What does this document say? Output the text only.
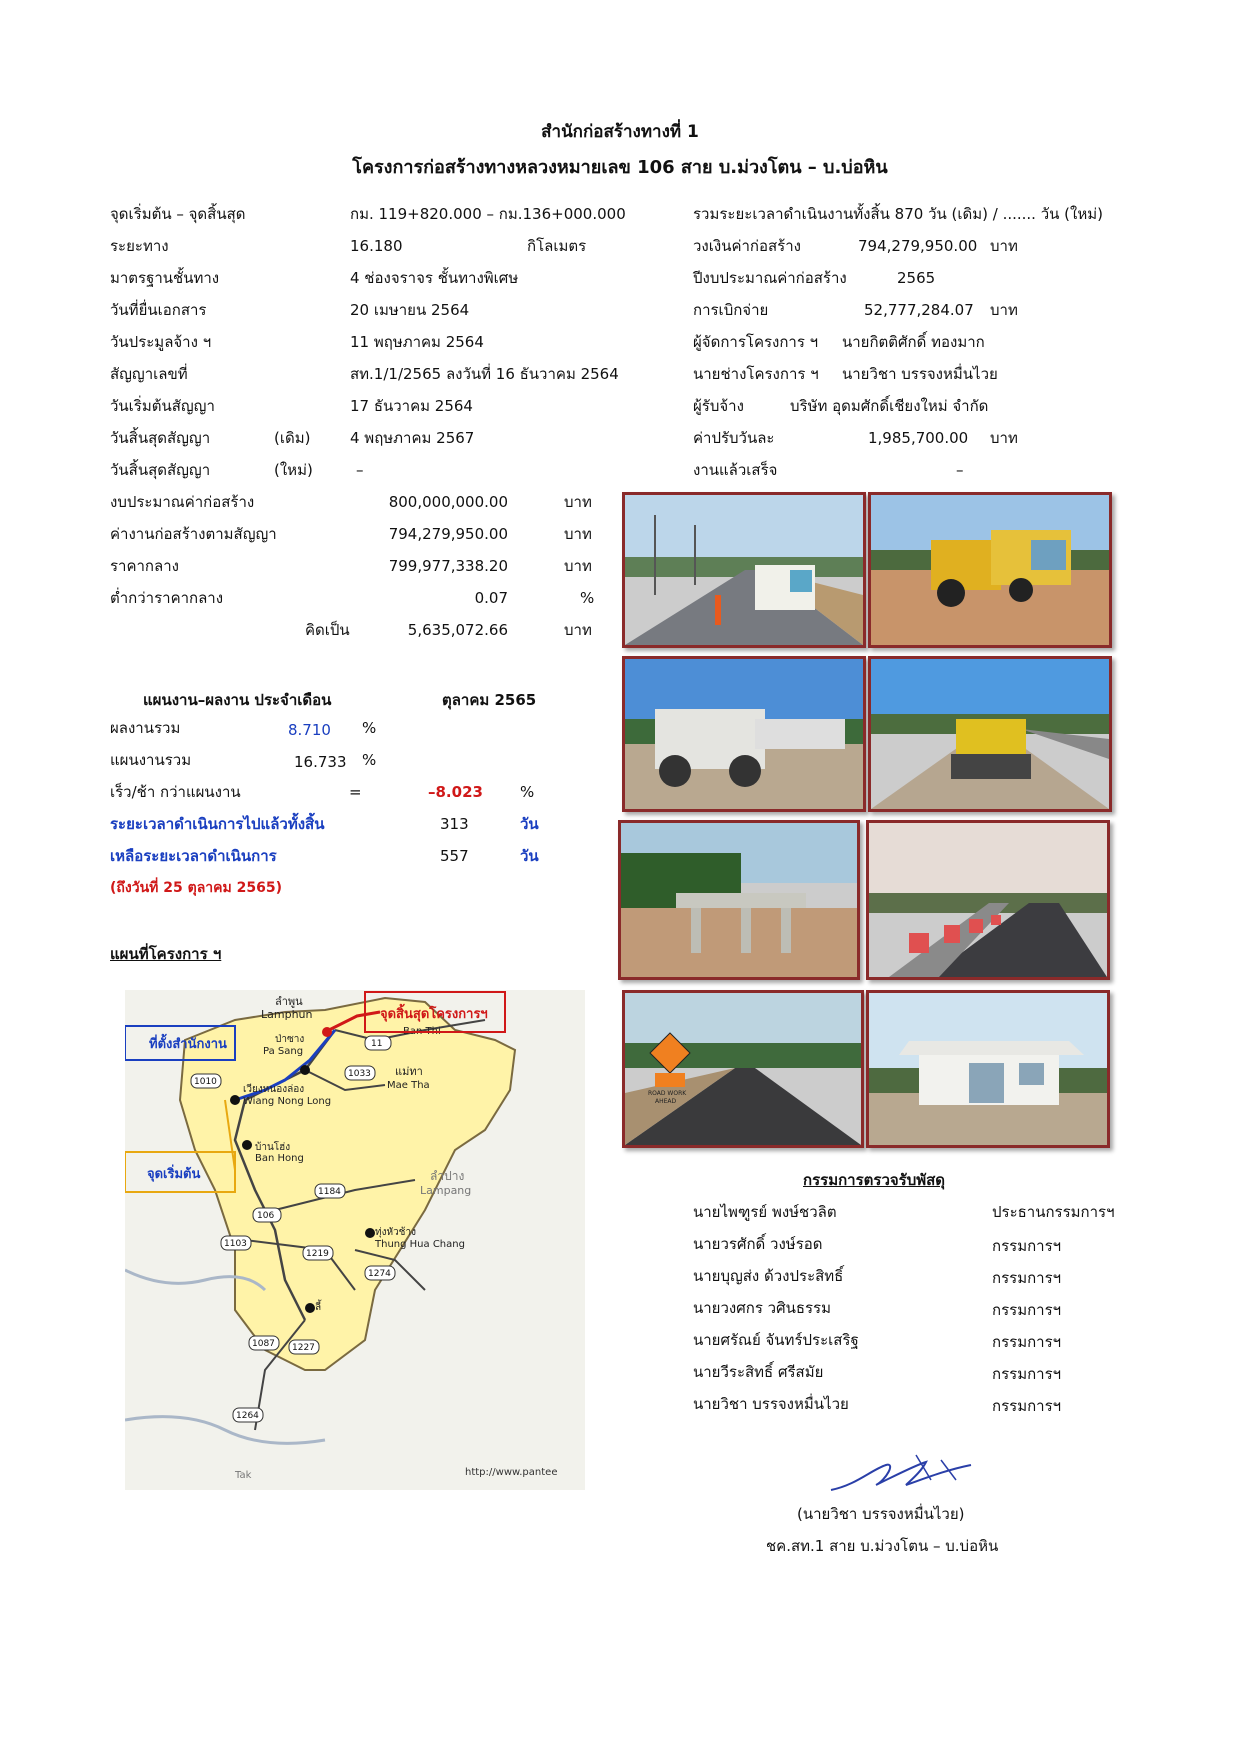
สำนักก่อสร้างทางที่ 1
โครงการก่อสร้างทางหลวงหมายเลข 106 สาย บ.ม่วงโตน – บ.บ่อหิน
จุดเริ่มต้น – จุดสิ้นสุด	กม. 119+820.000 – กม.136+000.000
ระยะทาง	16.180	กิโลเมตร
มาตรฐานชั้นทาง	4 ช่องจราจร ชั้นทางพิเศษ
วันที่ยื่นเอกสาร	20 เมษายน 2564
วันประมูลจ้าง ฯ	11 พฤษภาคม 2564
สัญญาเลขที่	สท.1/1/2565 ลงวันที่ 16 ธันวาคม 2564
วันเริ่มต้นสัญญา	17 ธันวาคม 2564
วันสิ้นสุดสัญญา	(เดิม)	4 พฤษภาคม 2567
วันสิ้นสุดสัญญา	(ใหม่)	–
รวมระยะเวลาดำเนินงานทั้งสิ้น 870 วัน (เดิม) / ....... วัน (ใหม่)
วงเงินค่าก่อสร้าง	794,279,950.00 บาท
ปีงบประมาณค่าก่อสร้าง	2565
การเบิกจ่าย	52,777,284.07 บาท
ผู้จัดการโครงการ ฯ นายกิตติศักดิ์ ทองมาก
นายช่างโครงการ ฯ นายวิชา บรรจงหมื่นไวย
ผู้รับจ้าง	บริษัท อุดมศักดิ์เชียงใหม่ จำกัด
ค่าปรับวันละ	1,985,700.00 บาท
งานแล้วเสร็จ	–
งบประมาณค่าก่อสร้าง	800,000,000.00	บาท
ค่างานก่อสร้างตามสัญญา	794,279,950.00	บาท
ราคากลาง	799,977,338.20	บาท
ต่ำกว่าราคากลาง	0.07	%
คิดเป็น	5,635,072.66	บาท
แผนงาน–ผลงาน ประจำเดือน	ตุลาคม 2565
ผลงานรวม	8.710 %
แผนงานรวม	16.733 %
เร็ว/ช้า กว่าแผนงาน	=	–8.023 %
ระยะเวลาดำเนินการไปแล้วทั้งสิ้น	313	วัน
เหลือระยะเวลาดำเนินการ	557	วัน
(ถึงวันที่ 25 ตุลาคม 2565)
แผนที่โครงการ ฯ
ลำพูน
Lamphun
Ban Thi
ป่าซาง
Pa Sang
แม่ทา
Mae Tha
เวียงหนองล่อง
Wiang Nong Long
บ้านโฮ่ง
Ban Hong
ลำปาง
Lampang
ทุ่งหัวช้าง
Thung Hua Chang
ลี้
Tak	http://www.pantee
11
106
1033
1010
1184
1103
1219
1274
1087 1227
1264
ที่ตั้งสำนักงาน
จุดเริ่มต้น
จุดสิ้นสุดโครงการฯ
ROAD WORK
AHEAD
กรรมการตรวจรับพัสดุ
นายไพฑูรย์ พงษ์ชวลิต	ประธานกรรมการฯ
นายวรศักดิ์ วงษ์รอด	กรรมการฯ
นายบุญส่ง ด้วงประสิทธิ์	กรรมการฯ
นายวงศกร วศินธรรม	กรรมการฯ
นายศรัณย์ จันทร์ประเสริฐ	กรรมการฯ
นายวีระสิทธิ์ ศรีสมัย	กรรมการฯ
นายวิชา บรรจงหมื่นไวย	กรรมการฯ
(นายวิชา บรรจงหมื่นไวย)
ชค.สท.1 สาย บ.ม่วงโตน – บ.บ่อหิน
